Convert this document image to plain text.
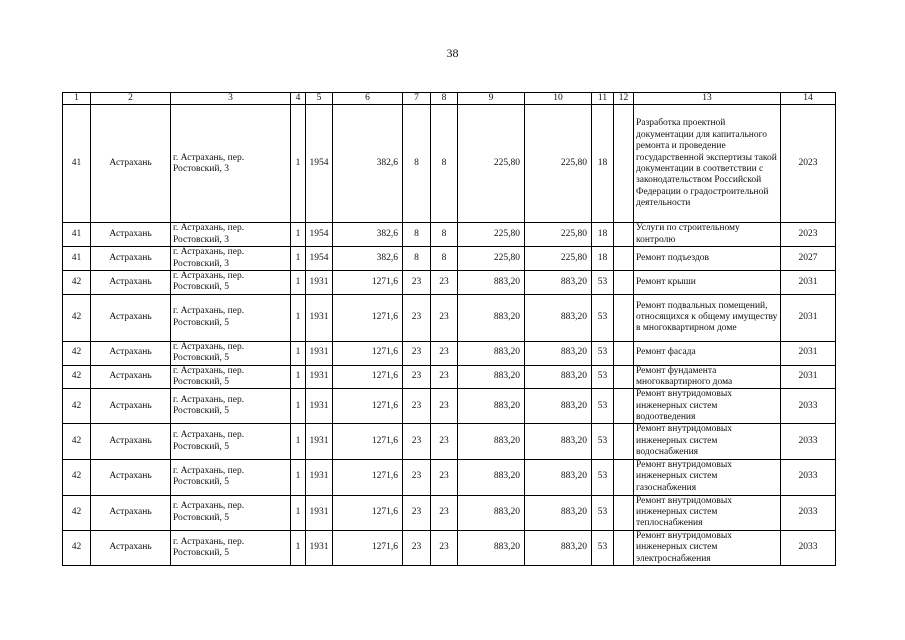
38
1	2	3	4	5	6	7	8	9	10	11	12	13	14
41	Астрахань	г. Астрахань, пер. Ростовский, 3	1	1954	382,6	8	8	225,80	225,80	18		Разработка проектной документации для капитального ремонта и проведение государственной экспертизы такой документации в соответствии с законодательством Российской Федерации о градостроительной деятельности	2023
41	Астрахань	г. Астрахань, пер. Ростовский, 3	1	1954	382,6	8	8	225,80	225,80	18		Услуги по строительному контролю	2023
41	Астрахань	г. Астрахань, пер. Ростовский, 3	1	1954	382,6	8	8	225,80	225,80	18		Ремонт подъездов	2027
42	Астрахань	г. Астрахань, пер. Ростовский, 5	1	1931	1271,6	23	23	883,20	883,20	53		Ремонт крыши	2031
42	Астрахань	г. Астрахань, пер. Ростовский, 5	1	1931	1271,6	23	23	883,20	883,20	53		Ремонт подвальных помещений, относящихся к общему имуществу в многоквартирном доме	2031
42	Астрахань	г. Астрахань, пер. Ростовский, 5	1	1931	1271,6	23	23	883,20	883,20	53		Ремонт фасада	2031
42	Астрахань	г. Астрахань, пер. Ростовский, 5	1	1931	1271,6	23	23	883,20	883,20	53		Ремонт фундамента многоквартирного дома	2031
42	Астрахань	г. Астрахань, пер. Ростовский, 5	1	1931	1271,6	23	23	883,20	883,20	53		Ремонт внутридомовых инженерных систем водоотведения	2033
42	Астрахань	г. Астрахань, пер. Ростовский, 5	1	1931	1271,6	23	23	883,20	883,20	53		Ремонт внутридомовых инженерных систем водоснабжения	2033
42	Астрахань	г. Астрахань, пер. Ростовский, 5	1	1931	1271,6	23	23	883,20	883,20	53		Ремонт внутридомовых инженерных систем газоснабжения	2033
42	Астрахань	г. Астрахань, пер. Ростовский, 5	1	1931	1271,6	23	23	883,20	883,20	53		Ремонт внутридомовых инженерных систем теплоснабжения	2033
42	Астрахань	г. Астрахань, пер. Ростовский, 5	1	1931	1271,6	23	23	883,20	883,20	53		Ремонт внутридомовых инженерных систем электроснабжения	2033
